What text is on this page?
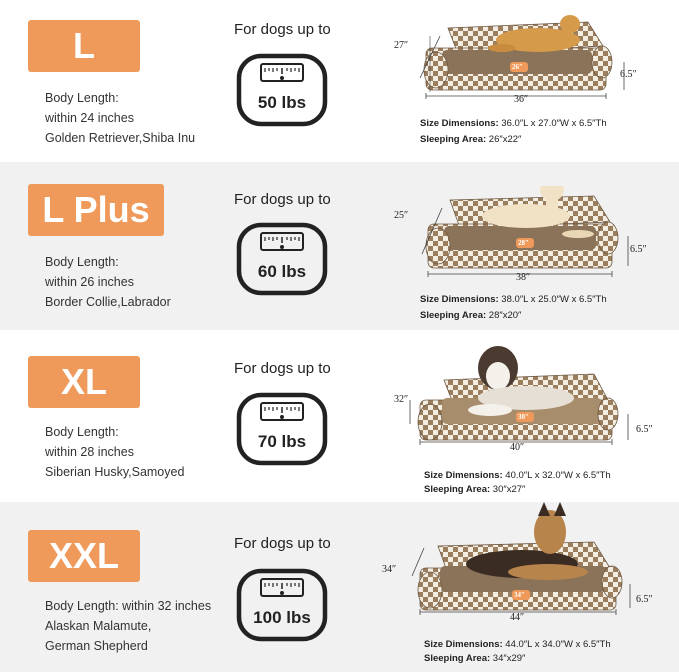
L
Body Length:
within 24 inches
Golden Retriever,Shiba Inu
For dogs up to
50 lbs
27″
36″
6.5″
26″
Size Dimensions: 36.0″L x 27.0″W x 6.5″Th
Sleeping Area: 26″x22″
L Plus
Body Length:
within 26 inches
Border Collie,Labrador
For dogs up to
60 lbs
25″
38″
6.5″
28″
Size Dimensions: 38.0″L x 25.0″W x 6.5″Th
Sleeping Area: 28″x20″
XL
Body Length:
within 28 inches
Siberian Husky,Samoyed
For dogs up to
70 lbs
32″
40″
6.5″
30″
Size Dimensions: 40.0″L x 32.0″W x 6.5″Th
Sleeping Area: 30″x27″
XXL
Body Length: within 32 inches
Alaskan Malamute,
German Shepherd
For dogs up to
100 lbs
34″
44″
6.5″
34″
Size Dimensions: 44.0″L x 34.0″W x 6.5″Th
Sleeping Area: 34″x29″
